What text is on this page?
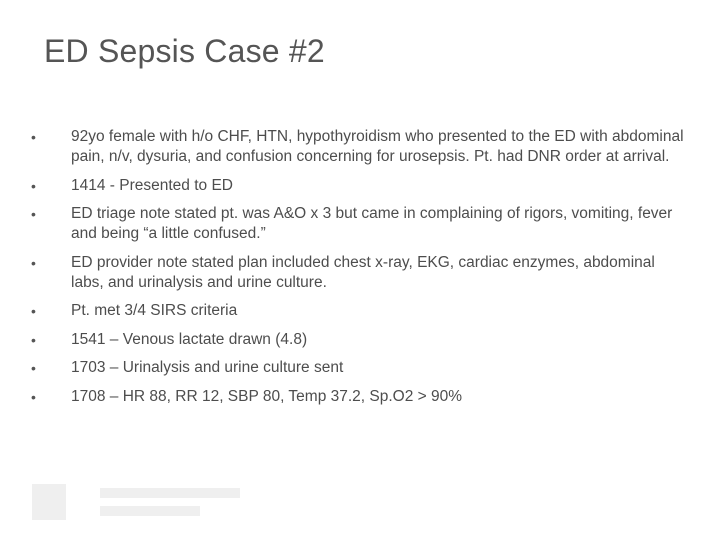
ED Sepsis Case #2
• 92yo female with h/o CHF, HTN, hypothyroidism who presented to the ED with abdominal pain, n/v, dysuria, and confusion concerning for urosepsis. Pt. had DNR order at arrival.
• 1414 - Presented to ED
• ED triage note stated pt. was A&O x 3 but came in complaining of rigors, vomiting, fever and being “a little confused.”
• ED provider note stated plan included chest x-ray, EKG, cardiac enzymes, abdominal labs, and urinalysis and urine culture.
• Pt. met 3/4 SIRS criteria
• 1541 – Venous lactate drawn (4.8)
• 1703 – Urinalysis and urine culture sent
• 1708 – HR 88, RR 12, SBP 80, Temp 37.2, Sp.O2 > 90%
